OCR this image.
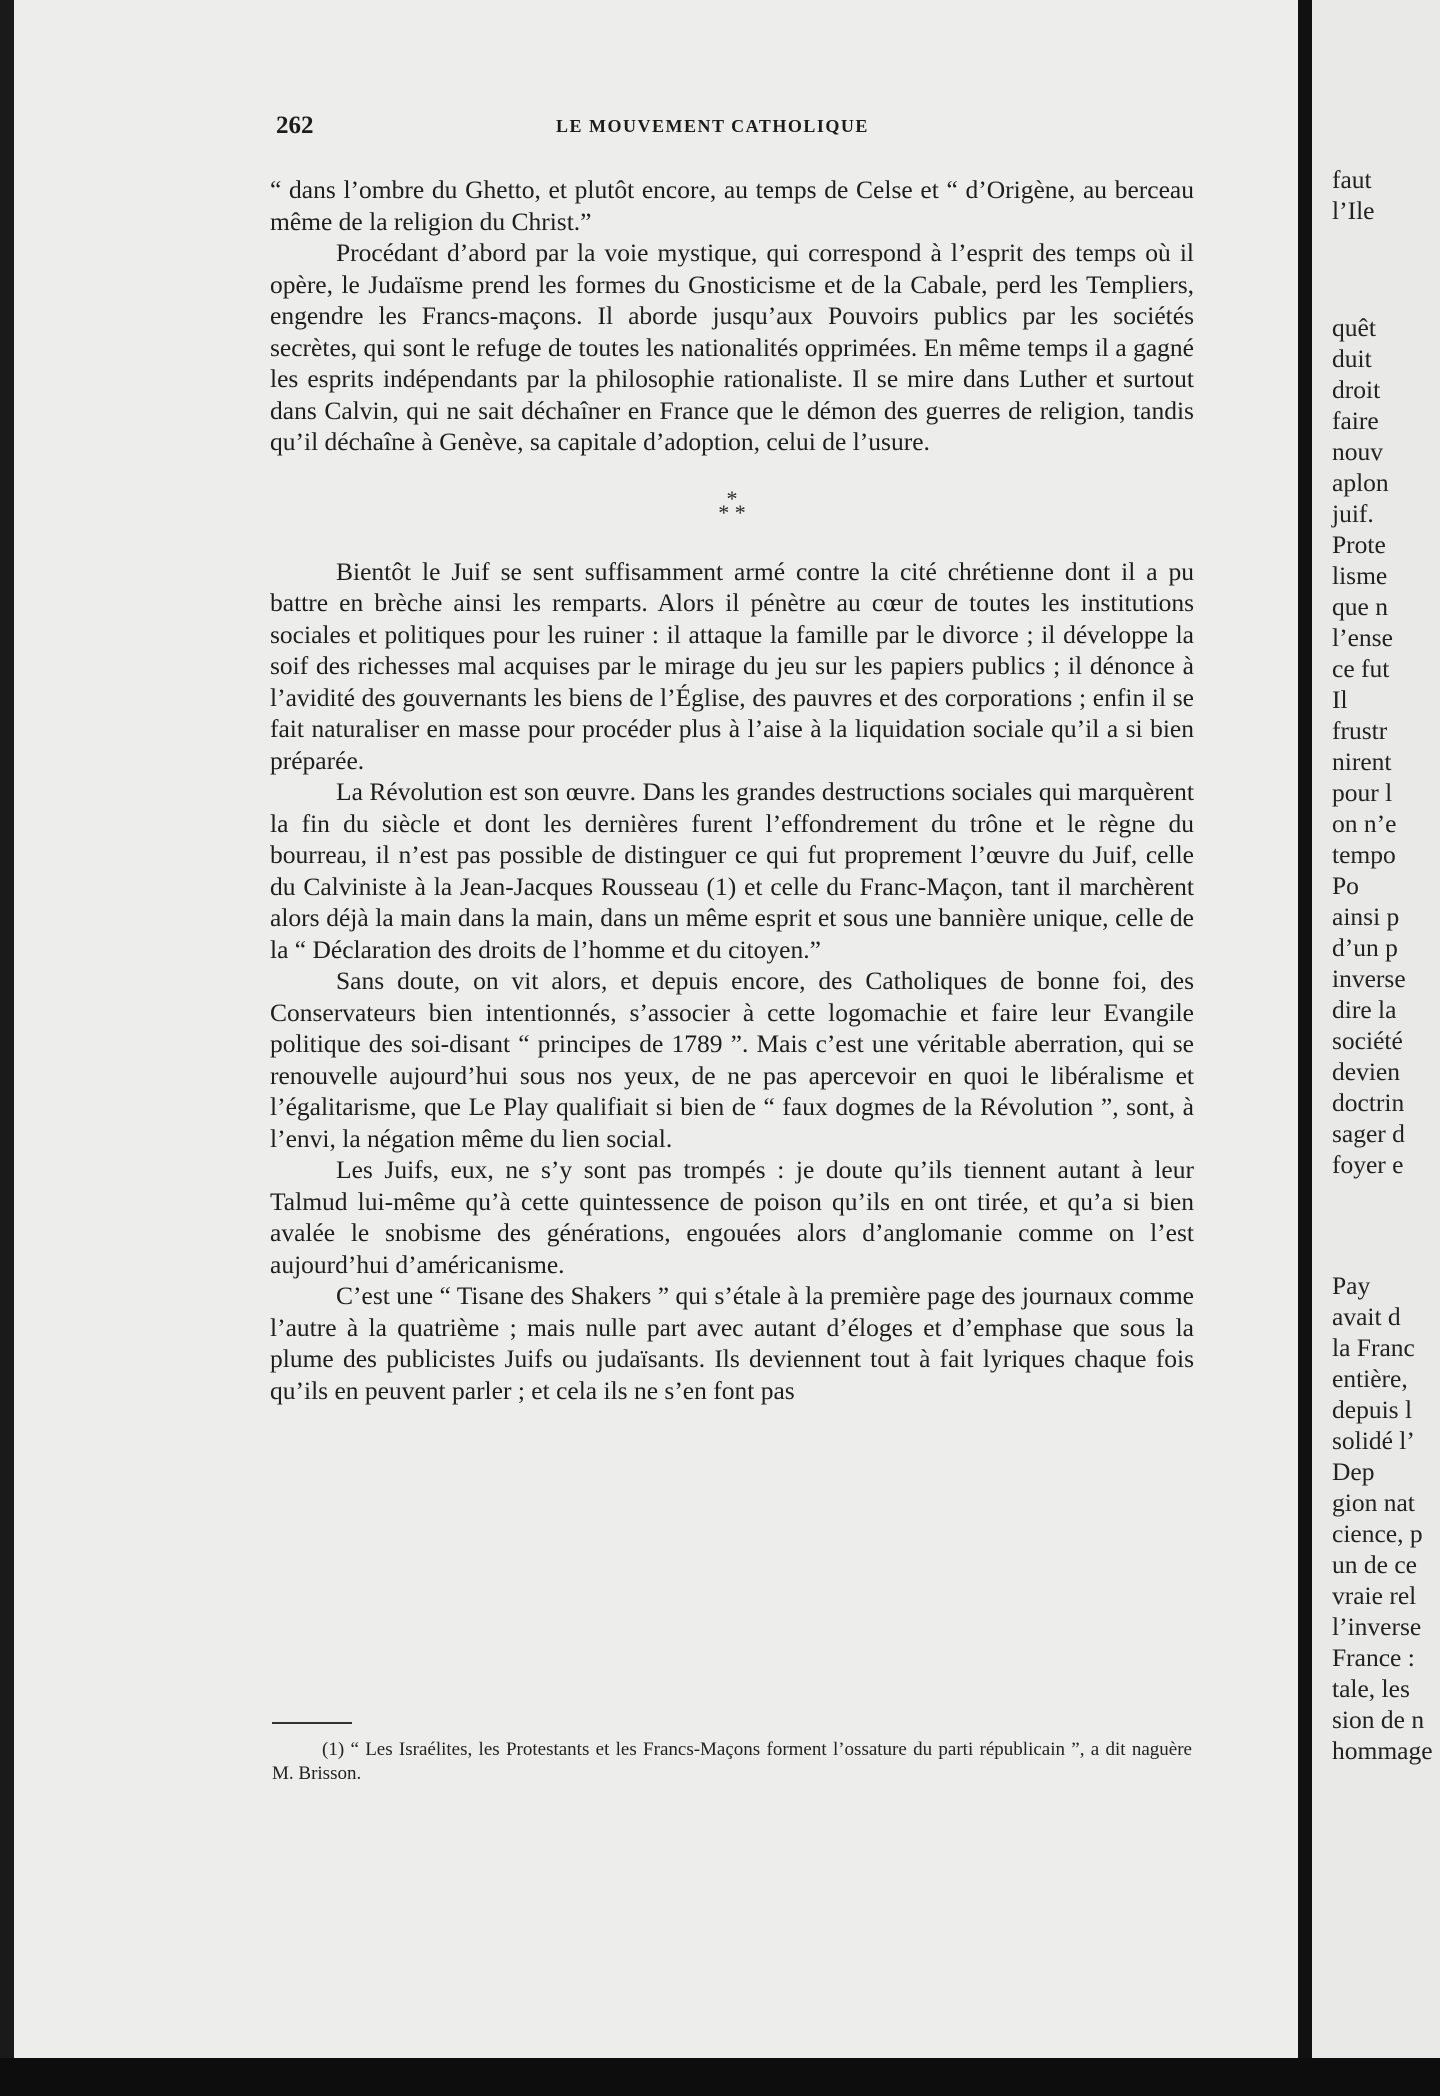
262	LE MOUVEMENT CATHOLIQUE

“ dans l’ombre du Ghetto, et plutôt encore, au temps de Celse et “ d’Origène, au berceau même de la religion du Christ.”

Procédant d’abord par la voie mystique, qui correspond à l’esprit des temps où il opère, le Judaïsme prend les formes du Gnosticisme et de la Cabale, perd les Templiers, engendre les Francs-maçons. Il aborde jusqu’aux Pouvoirs publics par les sociétés secrètes, qui sont le refuge de toutes les nationalités opprimées. En même temps il a gagné les esprits indépendants par la philosophie rationaliste. Il se mire dans Luther et surtout dans Calvin, qui ne sait déchaîner en France que le démon des guerres de religion, tandis qu’il déchaîne à Genève, sa capitale d’adoption, celui de l’usure.

*
* *

Bientôt le Juif se sent suffisamment armé contre la cité chrétienne dont il a pu battre en brèche ainsi les remparts. Alors il pénètre au cœur de toutes les institutions sociales et politiques pour les ruiner : il attaque la famille par le divorce ; il développe la soif des richesses mal acquises par le mirage du jeu sur les papiers publics ; il dénonce à l’avidité des gouvernants les biens de l’Église, des pauvres et des corporations ; enfin il se fait naturaliser en masse pour procéder plus à l’aise à la liquidation sociale qu’il a si bien préparée.

La Révolution est son œuvre. Dans les grandes destructions sociales qui marquèrent la fin du siècle et dont les dernières furent l’effondrement du trône et le règne du bourreau, il n’est pas possible de distinguer ce qui fut proprement l’œuvre du Juif, celle du Calviniste à la Jean-Jacques Rousseau (1) et celle du Franc-Maçon, tant il marchèrent alors déjà la main dans la main, dans un même esprit et sous une bannière unique, celle de la “ Déclaration des droits de l’homme et du citoyen.”

Sans doute, on vit alors, et depuis encore, des Catholiques de bonne foi, des Conservateurs bien intentionnés, s’associer à cette logomachie et faire leur Evangile politique des soi-disant “ principes de 1789 ”. Mais c’est une véritable aberration, qui se renouvelle aujourd’hui sous nos yeux, de ne pas apercevoir en quoi le libéralisme et l’égalitarisme, que Le Play qualifiait si bien de “ faux dogmes de la Révolution ”, sont, à l’envi, la négation même du lien social.

Les Juifs, eux, ne s’y sont pas trompés : je doute qu’ils tiennent autant à leur Talmud lui-même qu’à cette quintessence de poison qu’ils en ont tirée, et qu’a si bien avalée le snobisme des générations, engouées alors d’anglomanie comme on l’est aujourd’hui d’américanisme.

C’est une “ Tisane des Shakers ” qui s’étale à la première page des journaux comme l’autre à la quatrième ; mais nulle part avec autant d’éloges et d’emphase que sous la plume des publicistes Juifs ou judaïsants. Ils deviennent tout à fait lyriques chaque fois qu’ils en peuvent parler ; et cela ils ne s’en font pas

(1) “ Les Israélites, les Protestants et les Francs-Maçons forment l’ossature du parti républicain ”, a dit naguère M. Brisson.
faut
l’Ile
quêt
duit
droit
faire
nouv
aplon
juif.
Prote
lisme
que n
l’ense
ce fut
Il
frustr
nirent
pour l
on n’e
tempo
Po
ainsi p
d’un p
inverse
dire la
société
devien
doctrin
sager d
foyer e
Pay
avait d
la Franc
entière,
depuis l
solidé l’
Dep
gion nat
cience, p
un de ce
vraie rel
l’inverse
France :
tale, les
sion de n
hommage
